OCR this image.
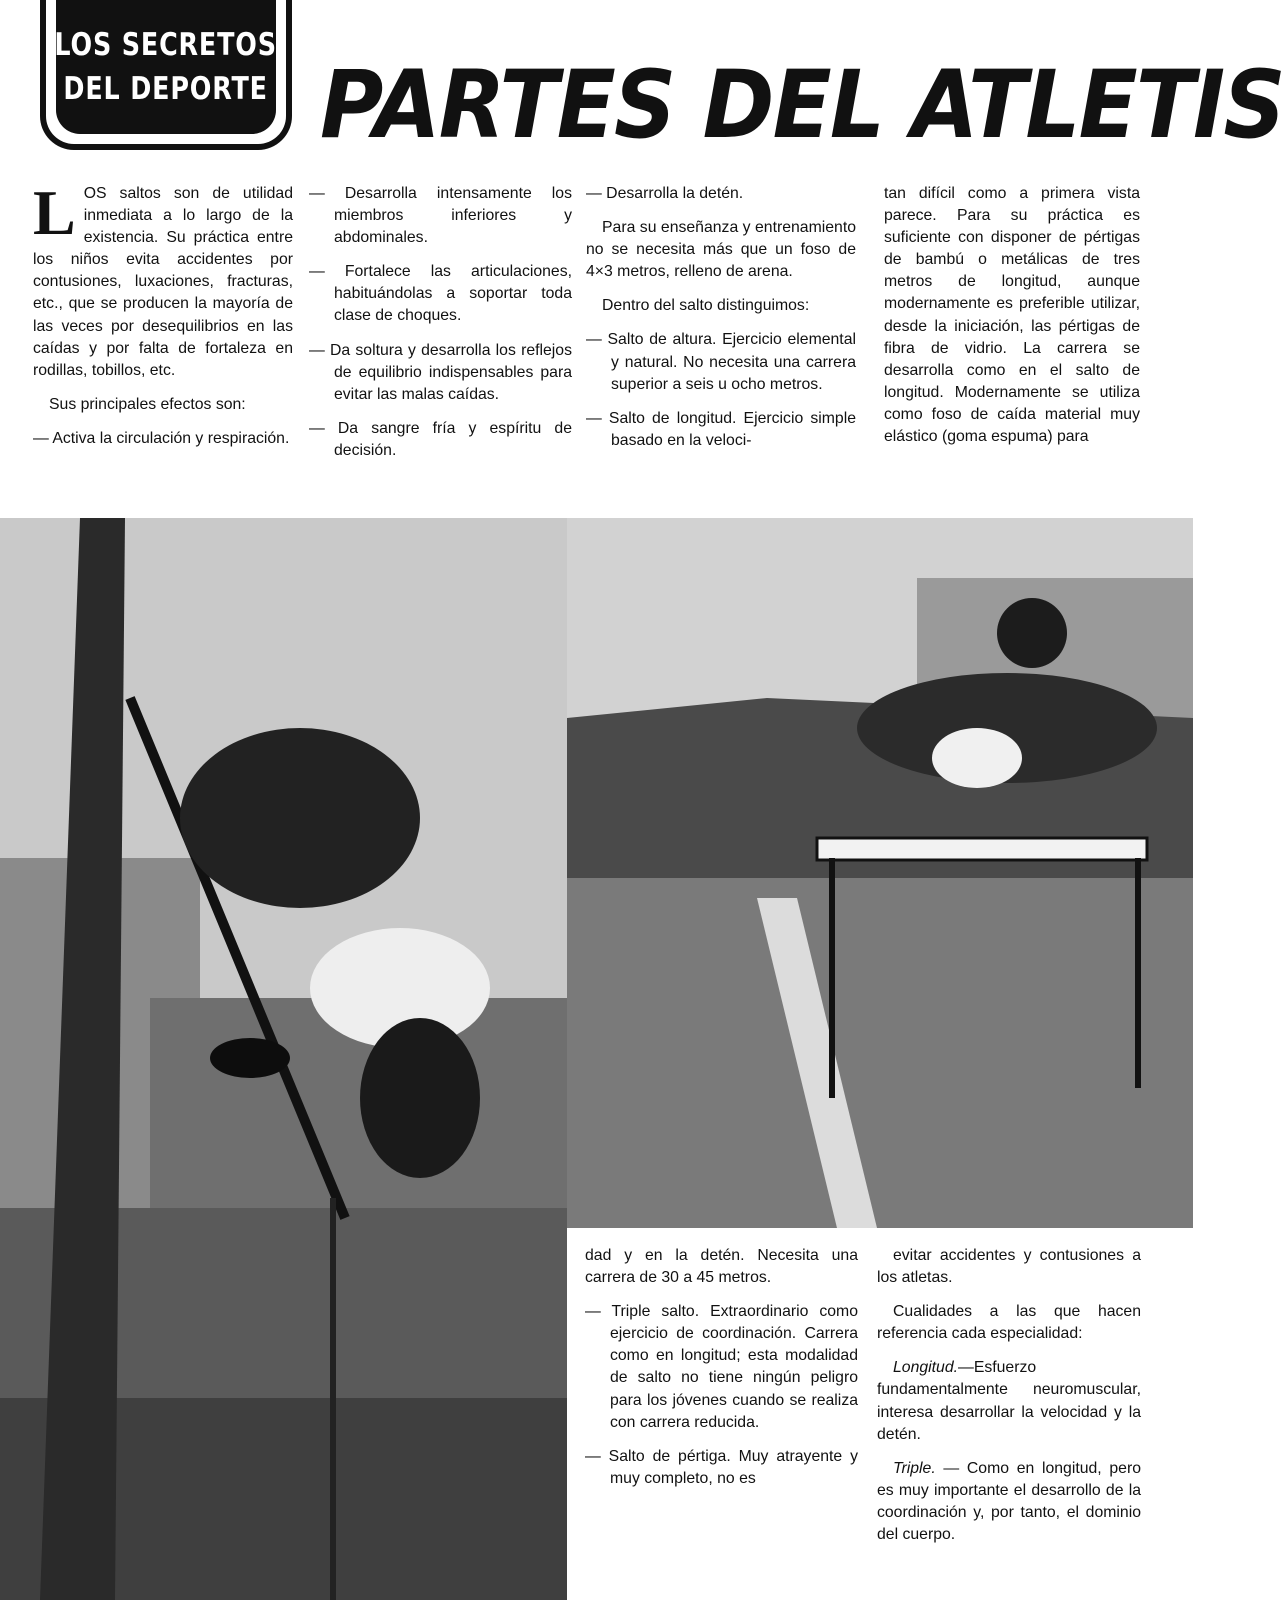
LOS SECRETOS
DEL DEPORTE PARTES DEL ATLETIS

L OS saltos son de utilidad inmediata a lo largo de la existencia. Su práctica entre los niños evita accidentes por contusiones, luxaciones, fracturas, etc., que se producen la mayoría de las veces por desequilibrios en las caídas y por falta de fortaleza en rodillas, tobillos, etc.

Sus principales efectos son:

— Activa la circulación y respiración.

— Desarrolla intensamente los miembros inferiores y abdominales.

— Fortalece las articulaciones, habituándolas a soportar toda clase de choques.

— Da soltura y desarrolla los reflejos de equilibrio indispensables para evitar las malas caídas.

— Da sangre fría y espíritu de decisión.

— Desarrolla la detén.

Para su enseñanza y entrenamiento no se necesita más que un foso de 4×3 metros, relleno de arena.

Dentro del salto distinguimos:

— Salto de altura. Ejercicio elemental y natural. No necesita una carrera superior a seis u ocho metros.

— Salto de longitud. Ejercicio simple basado en la veloci-

tan difícil como a primera vista parece. Para su práctica es suficiente con disponer de pértigas de bambú o metálicas de tres metros de longitud, aunque modernamente es preferible utilizar, desde la iniciación, las pértigas de fibra de vidrio. La carrera se desarrolla como en el salto de longitud. Modernamente se utiliza como foso de caída material muy elástico (goma espuma) para

dad y en la detén. Necesita una carrera de 30 a 45 metros.

— Triple salto. Extraordinario como ejercicio de coordinación. Carrera como en longitud; esta modalidad de salto no tiene ningún peligro para los jóvenes cuando se realiza con carrera reducida.

— Salto de pértiga. Muy atrayente y muy completo, no es

evitar accidentes y contusiones a los atletas.

Cualidades a las que hacen referencia cada especialidad:

Longitud.—Esfuerzo fundamentalmente neuromuscular, interesa desarrollar la velocidad y la detén.

Triple. — Como en longitud, pero es muy importante el desarrollo de la coordinación y, por tanto, el dominio del cuerpo.
